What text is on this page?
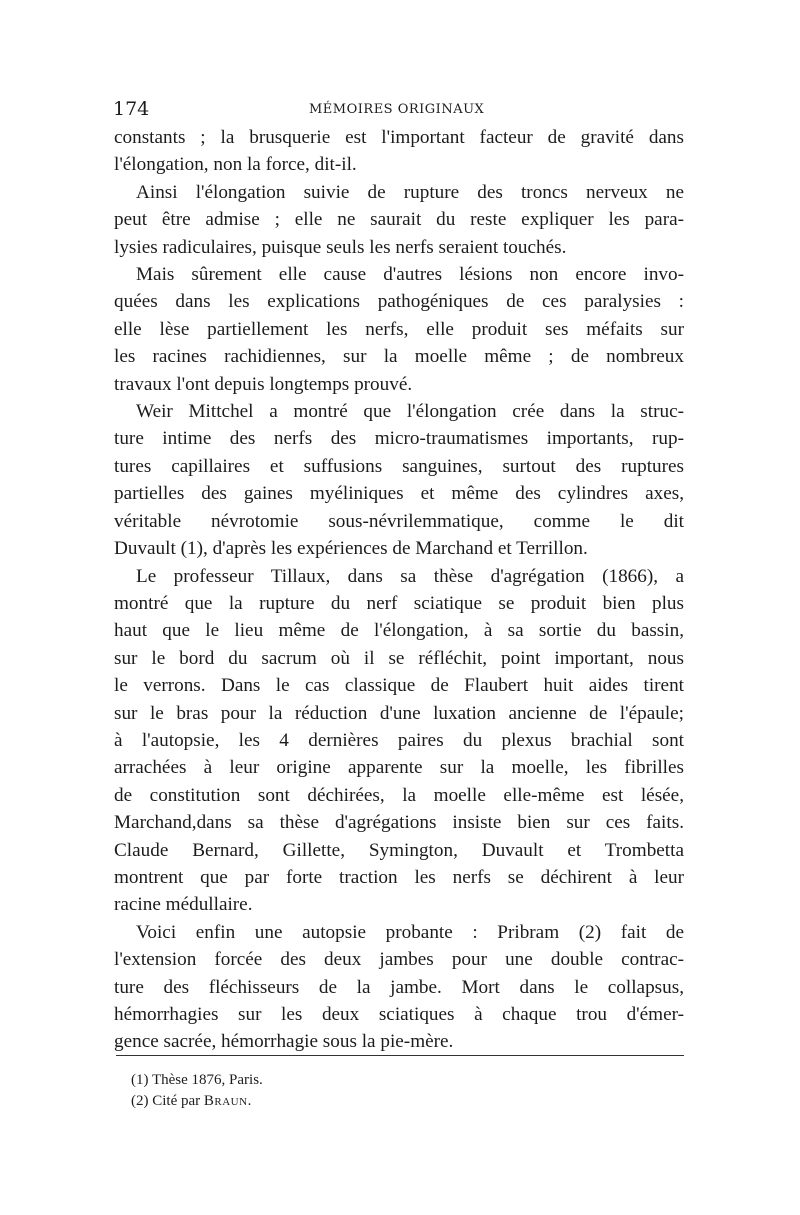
174	MÉMOIRES ORIGINAUX

constants ; la brusquerie est l'important facteur de gravité dans
l'élongation, non la force, dit-il.

Ainsi l'élongation suivie de rupture des troncs nerveux ne
peut être admise ; elle ne saurait du reste expliquer les para-
lysies radiculaires, puisque seuls les nerfs seraient touchés.

Mais sûrement elle cause d'autres lésions non encore invo-
quées dans les explications pathogéniques de ces paralysies :
elle lèse partiellement les nerfs, elle produit ses méfaits sur
les racines rachidiennes, sur la moelle même ; de nombreux
travaux l'ont depuis longtemps prouvé.

Weir Mittchel a montré que l'élongation crée dans la struc-
ture intime des nerfs des micro-traumatismes importants, rup-
tures capillaires et suffusions sanguines, surtout des ruptures
partielles des gaines myéliniques et même des cylindres axes,
véritable névrotomie sous-névrilemmatique, comme le dit
Duvault (1), d'après les expériences de Marchand et Terrillon.

Le professeur Tillaux, dans sa thèse d'agrégation (1866), a
montré que la rupture du nerf sciatique se produit bien plus
haut que le lieu même de l'élongation, à sa sortie du bassin,
sur le bord du sacrum où il se réfléchit, point important, nous
le verrons. Dans le cas classique de Flaubert huit aides tirent
sur le bras pour la réduction d'une luxation ancienne de l'épaule;
à l'autopsie, les 4 dernières paires du plexus brachial sont
arrachées à leur origine apparente sur la moelle, les fibrilles
de constitution sont déchirées, la moelle elle-même est lésée,
Marchand,dans sa thèse d'agrégations insiste bien sur ces faits.
Claude Bernard, Gillette, Symington, Duvault et Trombetta
montrent que par forte traction les nerfs se déchirent à leur
racine médullaire.

Voici enfin une autopsie probante : Pribram (2) fait de
l'extension forcée des deux jambes pour une double contrac-
ture des fléchisseurs de la jambe. Mort dans le collapsus,
hémorrhagies sur les deux sciatiques à chaque trou d'émer-
gence sacrée, hémorrhagie sous la pie-mère.

(1) Thèse 1876, Paris.
(2) Cité par Braun.
